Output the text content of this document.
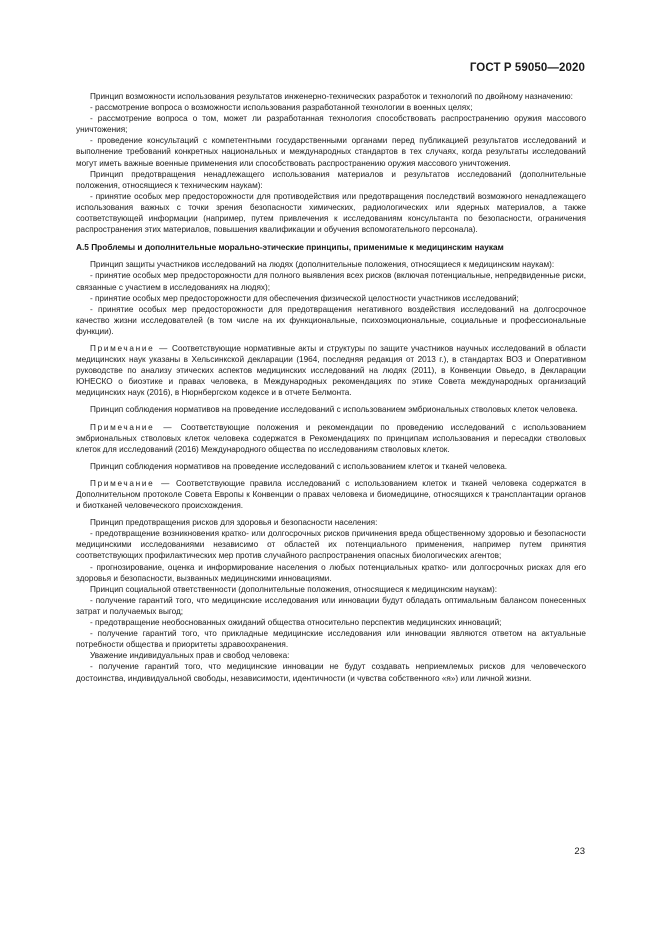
ГОСТ Р 59050—2020

Принцип возможности использования результатов инженерно-технических разработок и технологий по двойному назначению:

- рассмотрение вопроса о возможности использования разработанной технологии в военных целях;

- рассмотрение вопроса о том, может ли разработанная технология способствовать распространению оружия массового уничтожения;

- проведение консультаций с компетентными государственными органами перед публикацией результатов исследований и выполнение требований конкретных национальных и международных стандартов в тех случаях, когда результаты исследований могут иметь важные военные применения или способствовать распространению оружия массового уничтожения.

Принцип предотвращения ненадлежащего использования материалов и результатов исследований (дополнительные положения, относящиеся к техническим наукам):

- принятие особых мер предосторожности для противодействия или предотвращения последствий возможного ненадлежащего использования важных с точки зрения безопасности химических, радиологических или ядерных материалов, а также соответствующей информации (например, путем привлечения к исследованиям консультанта по безопасности, ограничения распространения этих материалов, повышения квалификации и обучения вспомогательного персонала).

А.5 Проблемы и дополнительные морально-этические принципы, применимые к медицинским наукам

Принцип защиты участников исследований на людях (дополнительные положения, относящиеся к медицинским наукам):

- принятие особых мер предосторожности для полного выявления всех рисков (включая потенциальные, непредвиденные риски, связанные с участием в исследованиях на людях);

- принятие особых мер предосторожности для обеспечения физической целостности участников исследований;

- принятие особых мер предосторожности для предотвращения негативного воздействия исследований на долгосрочное качество жизни исследователей (в том числе на их функциональные, психоэмоциональные, социальные и профессиональные функции).

Примечание — Соответствующие нормативные акты и структуры по защите участников научных исследований в области медицинских наук указаны в Хельсинкской декларации (1964, последняя редакция от 2013 г.), в стандартах ВОЗ и Оперативном руководстве по анализу этических аспектов медицинских исследований на людях (2011), в Конвенции Овьедо, в Декларации ЮНЕСКО о биоэтике и правах человека, в Международных рекомендациях по этике Совета международных организаций медицинских наук (2016), в Нюрнбергском кодексе и в отчете Белмонта.

Принцип соблюдения нормативов на проведение исследований с использованием эмбриональных стволовых клеток человека.

Примечание — Соответствующие положения и рекомендации по проведению исследований с использованием эмбриональных стволовых клеток человека содержатся в Рекомендациях по принципам использования и пересадки стволовых клеток для исследований (2016) Международного общества по исследованиям стволовых клеток.

Принцип соблюдения нормативов на проведение исследований с использованием клеток и тканей человека.

Примечание — Соответствующие правила исследований с использованием клеток и тканей человека содержатся в Дополнительном протоколе Совета Европы к Конвенции о правах человека и биомедицине, относящихся к трансплантации органов и биотканей человеческого происхождения.

Принцип предотвращения рисков для здоровья и безопасности населения:

- предотвращение возникновения кратко- или долгосрочных рисков причинения вреда общественному здоровью и безопасности медицинскими исследованиями независимо от областей их потенциального применения, например путем принятия соответствующих профилактических мер против случайного распространения опасных биологических агентов;

- прогнозирование, оценка и информирование населения о любых потенциальных кратко- или долгосрочных рисках для его здоровья и безопасности, вызванных медицинскими инновациями.

Принцип социальной ответственности (дополнительные положения, относящиеся к медицинским наукам):

- получение гарантий того, что медицинские исследования или инновации будут обладать оптимальным балансом понесенных затрат и получаемых выгод;

- предотвращение необоснованных ожиданий общества относительно перспектив медицинских инноваций;

- получение гарантий того, что прикладные медицинские исследования или инновации являются ответом на актуальные потребности общества и приоритеты здравоохранения.

Уважение индивидуальных прав и свобод человека:

- получение гарантий того, что медицинские инновации не будут создавать неприемлемых рисков для человеческого достоинства, индивидуальной свободы, независимости, идентичности (и чувства собственного «я») или личной жизни.

23
